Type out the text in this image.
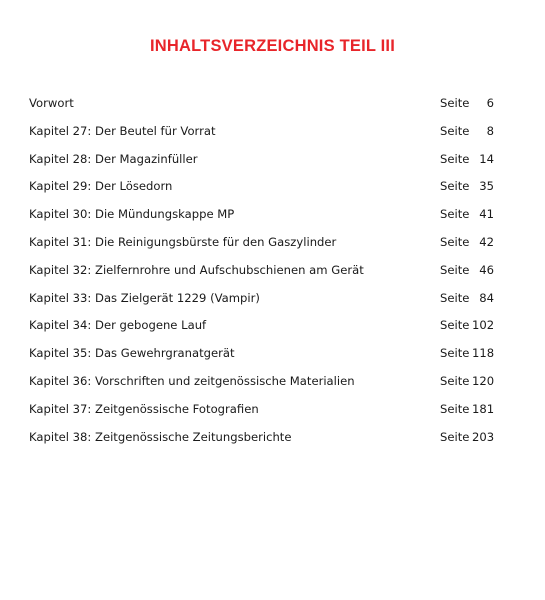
INHALTSVERZEICHNIS TEIL III
Vorwort	Seite	6
Kapitel 27: Der Beutel für Vorrat	Seite	8
Kapitel 28: Der Magazinfüller	Seite 14
Kapitel 29: Der Lösedorn	Seite 35
Kapitel 30: Die Mündungskappe MP	Seite 41
Kapitel 31: Die Reinigungsbürste für den Gaszylinder	Seite 42
Kapitel 32: Zielfernrohre und Aufschubschienen am Gerät	Seite 46
Kapitel 33: Das Zielgerät 1229 (Vampir)	Seite 84
Kapitel 34: Der gebogene Lauf	Seite 102
Kapitel 35: Das Gewehrgranatgerät	Seite 118
Kapitel 36: Vorschriften und zeitgenössische Materialien	Seite 120
Kapitel 37: Zeitgenössische Fotografien	Seite 181
Kapitel 38: Zeitgenössische Zeitungsberichte	Seite 203
